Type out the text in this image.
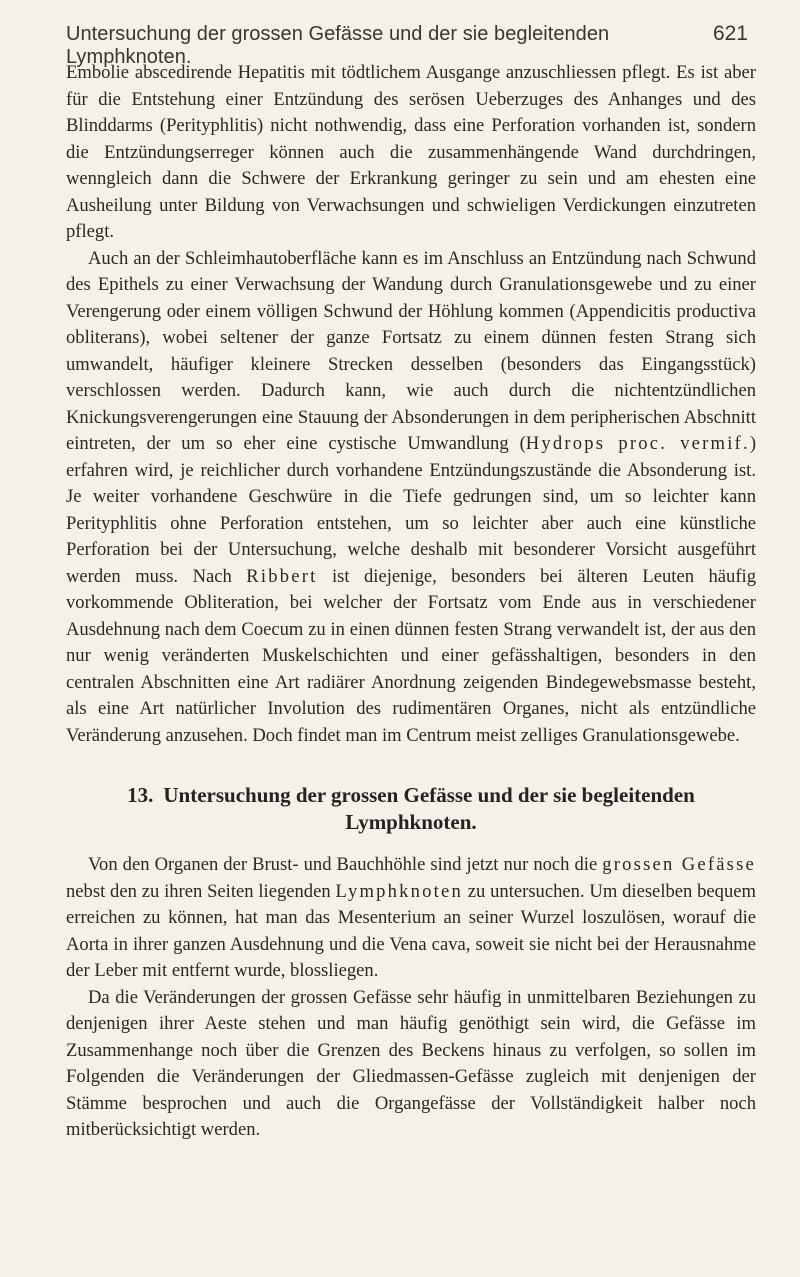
Untersuchung der grossen Gefässe und der sie begleitenden Lymphknoten.
621

Embolie abscedirende Hepatitis mit tödtlichem Ausgange anzuschliessen pflegt. Es ist aber für die Entstehung einer Entzündung des serösen Ueberzuges des Anhanges und des Blinddarms (Perityphlitis) nicht nothwendig, dass eine Perforation vorhanden ist, sondern die Entzündungserreger können auch die zusammenhängende Wand durchdringen, wenngleich dann die Schwere der Erkrankung geringer zu sein und am ehesten eine Ausheilung unter Bildung von Verwachsungen und schwieligen Verdickungen einzutreten pflegt.

Auch an der Schleimhautoberfläche kann es im Anschluss an Entzündung nach Schwund des Epithels zu einer Verwachsung der Wandung durch Granulationsgewebe und zu einer Verengerung oder einem völligen Schwund der Höhlung kommen (Appendicitis productiva obliterans), wobei seltener der ganze Fortsatz zu einem dünnen festen Strang sich umwandelt, häufiger kleinere Strecken desselben (besonders das Eingangsstück) verschlossen werden. Dadurch kann, wie auch durch die nichtentzündlichen Knickungsverengerungen eine Stauung der Absonderungen in dem peripherischen Abschnitt eintreten, der um so eher eine cystische Umwandlung (Hydrops proc. vermif.) erfahren wird, je reichlicher durch vorhandene Entzündungszustände die Absonderung ist. Je weiter vorhandene Geschwüre in die Tiefe gedrungen sind, um so leichter kann Perityphlitis ohne Perforation entstehen, um so leichter aber auch eine künstliche Perforation bei der Untersuchung, welche deshalb mit besonderer Vorsicht ausgeführt werden muss. Nach Ribbert ist diejenige, besonders bei älteren Leuten häufig vorkommende Obliteration, bei welcher der Fortsatz vom Ende aus in verschiedener Ausdehnung nach dem Coecum zu in einen dünnen festen Strang verwandelt ist, der aus den nur wenig veränderten Muskelschichten und einer gefässhaltigen, besonders in den centralen Abschnitten eine Art radiärer Anordnung zeigenden Bindegewebsmasse besteht, als eine Art natürlicher Involution des rudimentären Organes, nicht als entzündliche Veränderung anzusehen. Doch findet man im Centrum meist zelliges Granulationsgewebe.

13. Untersuchung der grossen Gefässe und der sie begleitenden Lymphknoten.

Von den Organen der Brust- und Bauchhöhle sind jetzt nur noch die grossen Gefässe nebst den zu ihren Seiten liegenden Lymphknoten zu untersuchen. Um dieselben bequem erreichen zu können, hat man das Mesenterium an seiner Wurzel loszulösen, worauf die Aorta in ihrer ganzen Ausdehnung und die Vena cava, soweit sie nicht bei der Herausnahme der Leber mit entfernt wurde, blossliegen.

Da die Veränderungen der grossen Gefässe sehr häufig in unmittelbaren Beziehungen zu denjenigen ihrer Aeste stehen und man häufig genöthigt sein wird, die Gefässe im Zusammenhange noch über die Grenzen des Beckens hinaus zu verfolgen, so sollen im Folgenden die Veränderungen der Gliedmassen-Gefässe zugleich mit denjenigen der Stämme besprochen und auch die Organgefässe der Vollständigkeit halber noch mitberücksichtigt werden.
